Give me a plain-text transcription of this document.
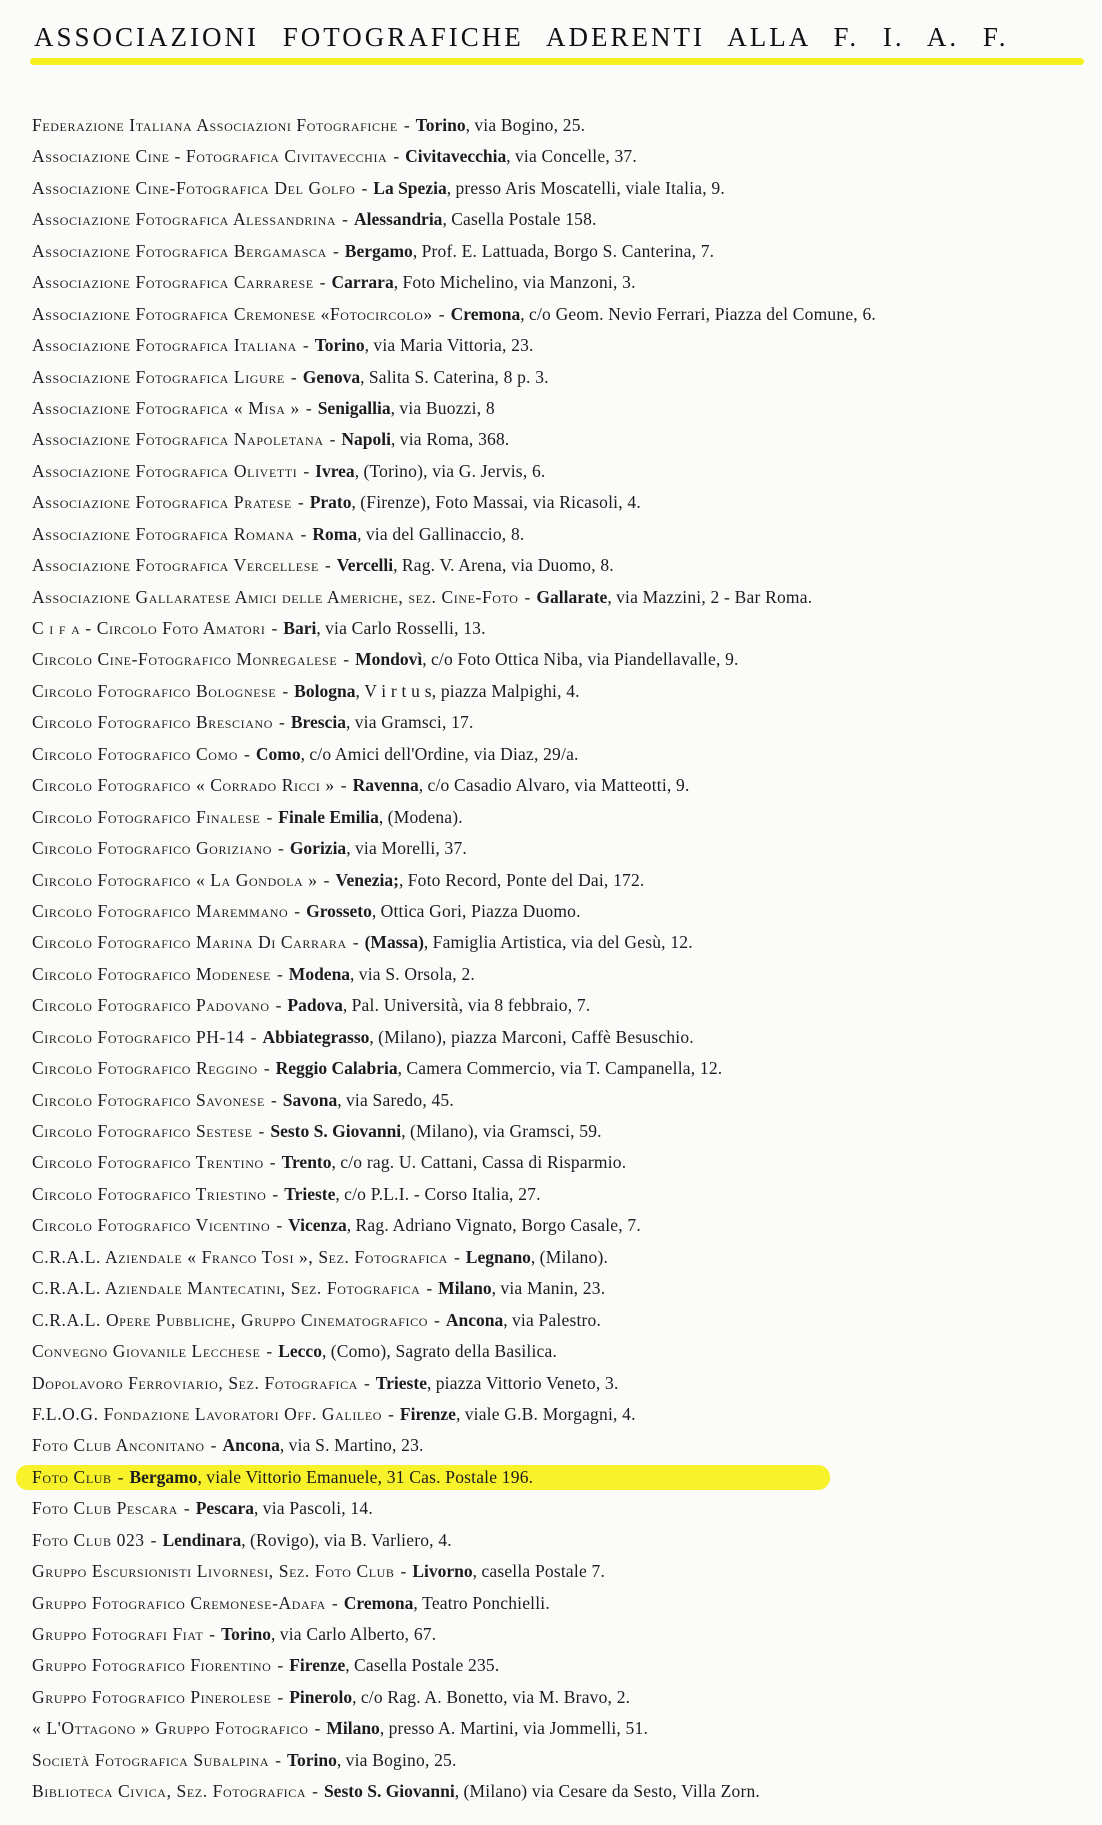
ASSOCIAZIONI FOTOGRAFICHE ADERENTI ALLA F. I. A. F.
Federazione Italiana Associazioni Fotografiche - Torino, via Bogino, 25.
Associazione Cine - Fotografica Civitavecchia - Civitavecchia, via Concelle, 37.
Associazione Cine-Fotografica Del Golfo - La Spezia, presso Aris Moscatelli, viale Italia, 9.
Associazione Fotografica Alessandrina - Alessandria, Casella Postale 158.
Associazione Fotografica Bergamasca - Bergamo, Prof. E. Lattuada, Borgo S. Canterina, 7.
Associazione Fotografica Carrarese - Carrara, Foto Michelino, via Manzoni, 3.
Associazione Fotografica Cremonese «Fotocircolo» - Cremona, c/o Geom. Nevio Ferrari, Piazza del Comune, 6.
Associazione Fotografica Italiana - Torino, via Maria Vittoria, 23.
Associazione Fotografica Ligure - Genova, Salita S. Caterina, 8 p. 3.
Associazione Fotografica « Misa » - Senigallia, via Buozzi, 8
Associazione Fotografica Napoletana - Napoli, via Roma, 368.
Associazione Fotografica Olivetti - Ivrea, (Torino), via G. Jervis, 6.
Associazione Fotografica Pratese - Prato, (Firenze), Foto Massai, via Ricasoli, 4.
Associazione Fotografica Romana - Roma, via del Gallinaccio, 8.
Associazione Fotografica Vercellese - Vercelli, Rag. V. Arena, via Duomo, 8.
Associazione Gallaratese Amici delle Americhe, sez. Cine-Foto - Gallarate, via Mazzini, 2 - Bar Roma.
C i f a - Circolo Foto Amatori - Bari, via Carlo Rosselli, 13.
Circolo Cine-Fotografico Monregalese - Mondovì, c/o Foto Ottica Niba, via Piandellavalle, 9.
Circolo Fotografico Bolognese - Bologna, V i r t u s, piazza Malpighi, 4.
Circolo Fotografico Bresciano - Brescia, via Gramsci, 17.
Circolo Fotografico Como - Como, c/o Amici dell'Ordine, via Diaz, 29/a.
Circolo Fotografico « Corrado Ricci » - Ravenna, c/o Casadio Alvaro, via Matteotti, 9.
Circolo Fotografico Finalese - Finale Emilia, (Modena).
Circolo Fotografico Goriziano - Gorizia, via Morelli, 37.
Circolo Fotografico « La Gondola » - Venezia;, Foto Record, Ponte del Dai, 172.
Circolo Fotografico Maremmano - Grosseto, Ottica Gori, Piazza Duomo.
Circolo Fotografico Marina Di Carrara - (Massa), Famiglia Artistica, via del Gesù, 12.
Circolo Fotografico Modenese - Modena, via S. Orsola, 2.
Circolo Fotografico Padovano - Padova, Pal. Università, via 8 febbraio, 7.
Circolo Fotografico PH-14 - Abbiategrasso, (Milano), piazza Marconi, Caffè Besuschio.
Circolo Fotografico Reggino - Reggio Calabria, Camera Commercio, via T. Campanella, 12.
Circolo Fotografico Savonese - Savona, via Saredo, 45.
Circolo Fotografico Sestese - Sesto S. Giovanni, (Milano), via Gramsci, 59.
Circolo Fotografico Trentino - Trento, c/o rag. U. Cattani, Cassa di Risparmio.
Circolo Fotografico Triestino - Trieste, c/o P.L.I. - Corso Italia, 27.
Circolo Fotografico Vicentino - Vicenza, Rag. Adriano Vignato, Borgo Casale, 7.
C.R.A.L. Aziendale « Franco Tosi », Sez. Fotografica - Legnano, (Milano).
C.R.A.L. Aziendale Mantecatini, Sez. Fotografica - Milano, via Manin, 23.
C.R.A.L. Opere Pubbliche, Gruppo Cinematografico - Ancona, via Palestro.
Convegno Giovanile Lecchese - Lecco, (Como), Sagrato della Basilica.
Dopolavoro Ferroviario, Sez. Fotografica - Trieste, piazza Vittorio Veneto, 3.
F.L.O.G. Fondazione Lavoratori Off. Galileo - Firenze, viale G.B. Morgagni, 4.
Foto Club Anconitano - Ancona, via S. Martino, 23.
Foto Club - Bergamo, viale Vittorio Emanuele, 31 Cas. Postale 196.
Foto Club Pescara - Pescara, via Pascoli, 14.
Foto Club 023 - Lendinara, (Rovigo), via B. Varliero, 4.
Gruppo Escursionisti Livornesi, Sez. Foto Club - Livorno, casella Postale 7.
Gruppo Fotografico Cremonese-Adafa - Cremona, Teatro Ponchielli.
Gruppo Fotografi Fiat - Torino, via Carlo Alberto, 67.
Gruppo Fotografico Fiorentino - Firenze, Casella Postale 235.
Gruppo Fotografico Pinerolese - Pinerolo, c/o Rag. A. Bonetto, via M. Bravo, 2.
« L'Ottagono » Gruppo Fotografico - Milano, presso A. Martini, via Jommelli, 51.
Società Fotografica Subalpina - Torino, via Bogino, 25.
Biblioteca Civica, Sez. Fotografica - Sesto S. Giovanni, (Milano) via Cesare da Sesto, Villa Zorn.
